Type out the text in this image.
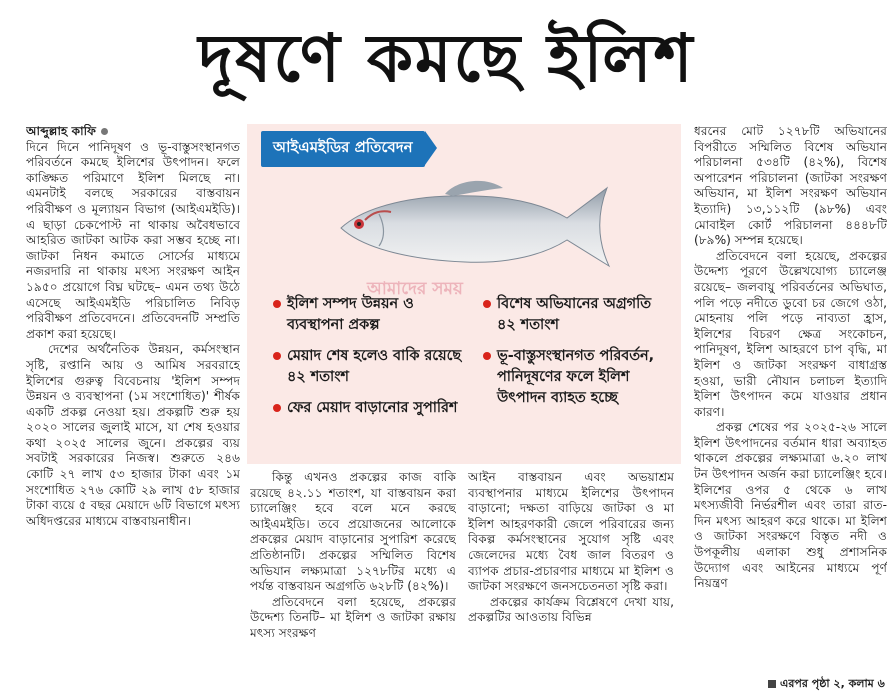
দূষণে কমছে ইলিশ

আব্দুল্লাহ কাফি

দিনে দিনে পানিদূষণ ও ভূ-বাস্তুসংস্থানগত পরিবর্তনে কমছে ইলিশের উৎপাদন। ফলে কাঙ্ক্ষিত পরিমাণে ইলিশ মিলছে না। এমনটাই বলছে সরকারের বাস্তবায়ন পরিবীক্ষণ ও মূল্যায়ন বিভাগ (আইএমইডি)। এ ছাড়া চেকপোস্ট না থাকায় অবৈধভাবে আহরিত জাটকা আটক করা সম্ভব হচ্ছে না। জাটকা নিধন কমাতে সোর্সের মাধ্যমে নজরদারি না থাকায় মৎস্য সংরক্ষণ আইন ১৯৫০ প্রয়োগে বিঘ্ন ঘটছে– এমন তথ্য উঠে এসেছে আইএমইডি পরিচালিত নিবিড় পরিবীক্ষণ প্রতিবেদনে। প্রতিবেদনটি সম্প্রতি প্রকাশ করা হয়েছে।

দেশের অর্থনৈতিক উন্নয়ন, কর্মসংস্থান সৃষ্টি, রপ্তানি আয় ও আমিষ সরবরাহে ইলিশের গুরুত্ব বিবেচনায় 'ইলিশ সম্পদ উন্নয়ন ও ব্যবস্থাপনা (১ম সংশোধিত)' শীর্ষক একটি প্রকল্প নেওয়া হয়। প্রকল্পটি শুরু হয় ২০২০ সালের জুলাই মাসে, যা শেষ হওয়ার কথা ২০২৫ সালের জুনে। প্রকল্পের ব্যয় সবটাই সরকারের নিজস্ব। শুরুতে ২৪৬ কোটি ২৭ লাখ ৫৩ হাজার টাকা এবং ১ম সংশোধিত ২৭৬ কোটি ২৯ লাখ ৫৮ হাজার টাকা ব্যয়ে ৫ বছর মেয়াদে ৬টি বিভাগে মৎস্য অধিদপ্তরের মাধ্যমে বাস্তবায়নাধীন।

আইএমইডির প্রতিবেদন
ইলিশ সম্পদ উন্নয়ন ও ব্যবস্থাপনা প্রকল্প
মেয়াদ শেষ হলেও বাকি রয়েছে ৪২ শতাংশ
ফের মেয়াদ বাড়ানোর সুপারিশ
বিশেষ অভিযানের অগ্রগতি ৪২ শতাংশ
ভূ-বাস্তুসংস্থানগত পরিবর্তন, পানিদূষণের ফলে ইলিশ উৎপাদন ব্যাহত হচ্ছে
আমাদের সময়

কিন্তু এখনও প্রকল্পের কাজ বাকি রয়েছে ৪২.১১ শতাংশ, যা বাস্তবায়ন করা চ্যালেঞ্জিং হবে বলে মনে করছে আইএমইডি। তবে প্রয়োজনের আলোকে প্রকল্পের মেয়াদ বাড়ানোর সুপারিশ করেছে প্রতিষ্ঠানটি। প্রকল্পের সম্মিলিত বিশেষ অভিযান লক্ষ্যমাত্রা ১২৭৮টির মধ্যে এ পর্যন্ত বাস্তবায়ন অগ্রগতি ৬২৮টি (৪২%)।

প্রতিবেদনে বলা হয়েছে, প্রকল্পের উদ্দেশ্য তিনটি– মা ইলিশ ও জাটকা রক্ষায় মৎস্য সংরক্ষণ

আইন বাস্তবায়ন এবং অভয়াশ্রম ব্যবস্থাপনার মাধ্যমে ইলিশের উৎপাদন বাড়ানো; দক্ষতা বাড়িয়ে জাটকা ও মা ইলিশ আহরণকারী জেলে পরিবারের জন্য বিকল্প কর্মসংস্থানের সুযোগ সৃষ্টি এবং জেলেদের মধ্যে বৈধ জাল বিতরণ ও ব্যাপক প্রচার-প্রচারণার মাধ্যমে মা ইলিশ ও জাটকা সংরক্ষণে জনসচেতনতা সৃষ্টি করা।

প্রকল্পের কার্যক্রম বিশ্লেষণে দেখা যায়, প্রকল্পটির আওতায় বিভিন্ন

ধরনের মোট ১২৭৮টি অভিযানের বিপরীতে সম্মিলিত বিশেষ অভিযান পরিচালনা ৫৩৪টি (৪২%), বিশেষ অপারেশন পরিচালনা (জাটকা সংরক্ষণ অভিযান, মা ইলিশ সংরক্ষণ অভিযান ইত্যাদি) ১৩,১১২টি (৯৮%) এবং মোবাইল কোর্ট পরিচালনা ৪৪৪৮টি (৮৯%) সম্পন্ন হয়েছে।

প্রতিবেদনে বলা হয়েছে, প্রকল্পের উদ্দেশ্য পূরণে উল্লেখযোগ্য চ্যালেঞ্জ রয়েছে– জলবায়ু পরিবর্তনের অভিঘাত, পলি পড়ে নদীতে ডুবো চর জেগে ওঠা, মোহনায় পলি পড়ে নাব্যতা হ্রাস, ইলিশের বিচরণ ক্ষেত্র সংকোচন, পানিদূষণ, ইলিশ আহরণে চাপ বৃদ্ধি, মা ইলিশ ও জাটকা সংরক্ষণ বাধাগ্রস্ত হওয়া, ভারী নৌযান চলাচল ইত্যাদি ইলিশ উৎপাদন কমে যাওয়ার প্রধান কারণ।

প্রকল্প শেষের পর ২০২৫-২৬ সালে ইলিশ উৎপাদনের বর্তমান ধারা অব্যাহত থাকলে প্রকল্পের লক্ষ্যমাত্রা ৬.২০ লাখ টন উৎপাদন অর্জন করা চ্যালেঞ্জিং হবে। ইলিশের ওপর ৫ থেকে ৬ লাখ মৎস্যজীবী নির্ভরশীল এবং তারা রাত-দিন মৎস্য আহরণ করে থাকে। মা ইলিশ ও জাটকা সংরক্ষণে বিস্তৃত নদী ও উপকূলীয় এলাকা শুধু প্রশাসনিক উদ্যোগ এবং আইনের মাধ্যমে পূর্ণ নিয়ন্ত্রণ

এরপর পৃষ্ঠা ২, কলাম ৬
